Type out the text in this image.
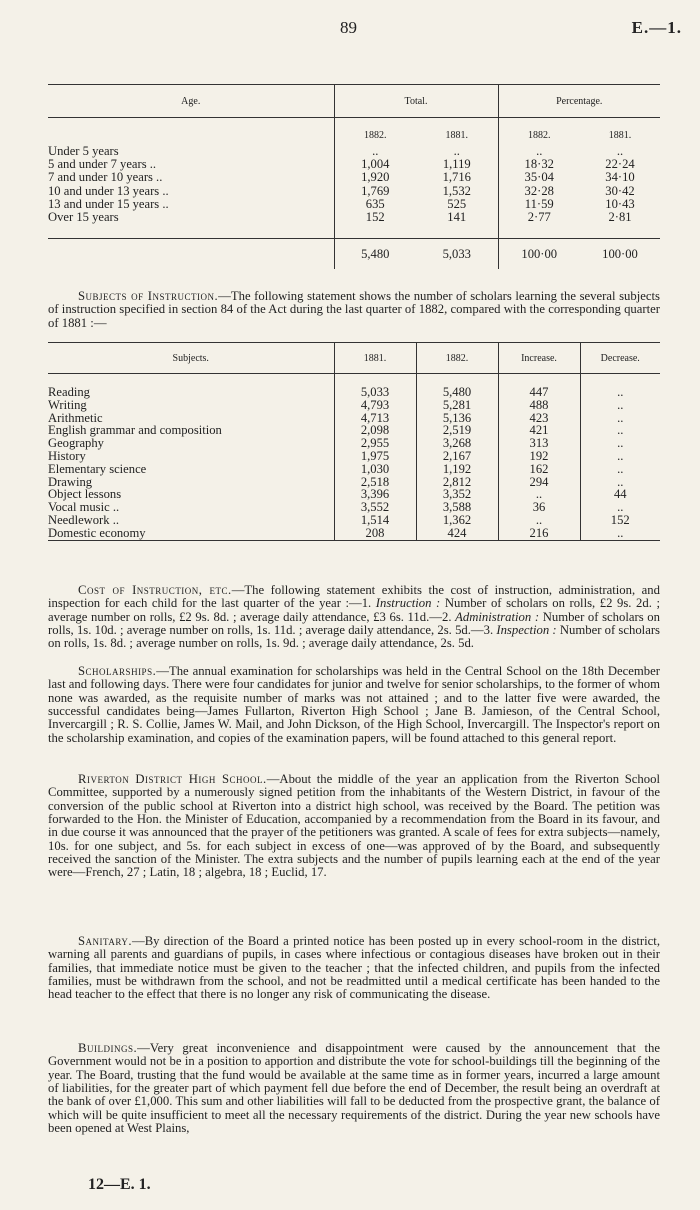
89	E.—1.
Age.	Total.		Percentage.	
	1882.	1881.	1882.	1881.
Under 5 years	..	..	..	..
5 and under 7 years ..	1,004	1,119	18·32	22·24
7 and under 10 years ..	1,920	1,716	35·04	34·10
10 and under 13 years ..	1,769	1,532	32·28	30·42
13 and under 15 years ..	635	525	11·59	10·43
Over 15 years	152	141	2·77	2·81

	5,480	5,033	100·00	100·00

Subjects of Instruction.—The following statement shows the number of scholars learning the several subjects of instruction specified in section 84 of the Act during the last quarter of 1882, compared with the corresponding quarter of 1881 :—

Subjects.	1881.	1882.	Increase.	Decrease.

Reading	5,033	5,480	447	..
Writing	4,793	5,281	488	..
Arithmetic	4,713	5,136	423	..
English grammar and composition	2,098	2,519	421	..
Geography	2,955	3,268	313	..
History	1,975	2,167	192	..
Elementary science	1,030	1,192	162	..
Drawing	2,518	2,812	294	..
Object lessons	3,396	3,352	..	44
Vocal music ..	3,552	3,588	36	..
Needlework ..	1,514	1,362	..	152
Domestic economy	208	424	216	..

Cost of Instruction, etc.—The following statement exhibits the cost of instruction, administration, and inspection for each child for the last quarter of the year :—1. Instruction : Number of scholars on rolls, £2 9s. 2d. ; average number on rolls, £2 9s. 8d. ; average daily attendance, £3 6s. 11d.—2. Administration : Number of scholars on rolls, 1s. 10d. ; average number on rolls, 1s. 11d. ; average daily attendance, 2s. 5d.—3. Inspection : Number of scholars on rolls, 1s. 8d. ; average number on rolls, 1s. 9d. ; average daily attendance, 2s. 5d.

Scholarships.—The annual examination for scholarships was held in the Central School on the 18th December last and following days. There were four candidates for junior and twelve for senior scholarships, to the former of whom none was awarded, as the requisite number of marks was not attained ; and to the latter five were awarded, the successful candidates being—James Fullarton, Riverton High School ; Jane B. Jamieson, of the Central School, Invercargill ; R. S. Collie, James W. Mail, and John Dickson, of the High School, Invercargill. The Inspector's report on the scholarship examination, and copies of the examination papers, will be found attached to this general report.

Riverton District High School.—About the middle of the year an application from the Riverton School Committee, supported by a numerously signed petition from the inhabitants of the Western District, in favour of the conversion of the public school at Riverton into a district high school, was received by the Board. The petition was forwarded to the Hon. the Minister of Education, accompanied by a recommendation from the Board in its favour, and in due course it was announced that the prayer of the petitioners was granted. A scale of fees for extra subjects—namely, 10s. for one subject, and 5s. for each subject in excess of one—was approved of by the Board, and subsequently received the sanction of the Minister. The extra subjects and the number of pupils learning each at the end of the year were—French, 27 ; Latin, 18 ; algebra, 18 ; Euclid, 17.

Sanitary.—By direction of the Board a printed notice has been posted up in every school-room in the district, warning all parents and guardians of pupils, in cases where infectious or contagious diseases have broken out in their families, that immediate notice must be given to the teacher ; that the infected children, and pupils from the infected families, must be withdrawn from the school, and not be readmitted until a medical certificate has been handed to the head teacher to the effect that there is no longer any risk of communicating the disease.

Buildings.—Very great inconvenience and disappointment were caused by the announcement that the Government would not be in a position to apportion and distribute the vote for school-buildings till the beginning of the year. The Board, trusting that the fund would be available at the same time as in former years, incurred a large amount of liabilities, for the greater part of which payment fell due before the end of December, the result being an overdraft at the bank of over £1,000. This sum and other liabilities will fall to be deducted from the prospective grant, the balance of which will be quite insufficient to meet all the necessary requirements of the district. During the year new schools have been opened at West Plains,

12—E. 1.
